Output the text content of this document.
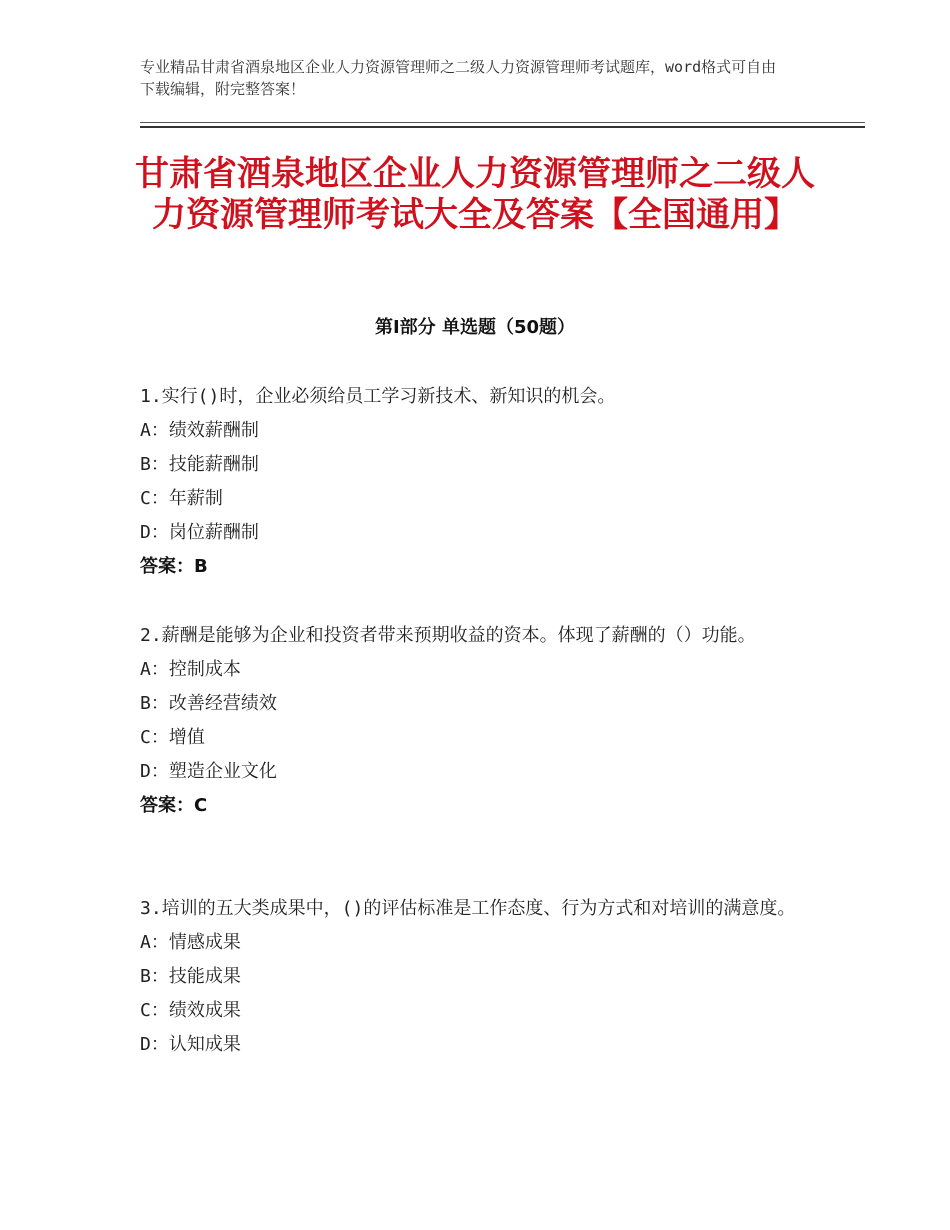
专业精品甘肃省酒泉地区企业人力资源管理师之二级人力资源管理师考试题库，word格式可自由下载编辑，附完整答案！
甘肃省酒泉地区企业人力资源管理师之二级人力资源管理师考试大全及答案【全国通用】
第Ⅰ部分 单选题（50题）

1.实行()时，企业必须给员工学习新技术、新知识的机会。

A：绩效薪酬制

B：技能薪酬制

C：年薪制

D：岗位薪酬制

答案：B

2.薪酬是能够为企业和投资者带来预期收益的资本。体现了薪酬的（）功能。

A：控制成本

B：改善经营绩效

C：增值

D：塑造企业文化

答案：C

3.培训的五大类成果中，()的评估标准是工作态度、行为方式和对培训的满意度。

A：情感成果

B：技能成果

C：绩效成果

D：认知成果
